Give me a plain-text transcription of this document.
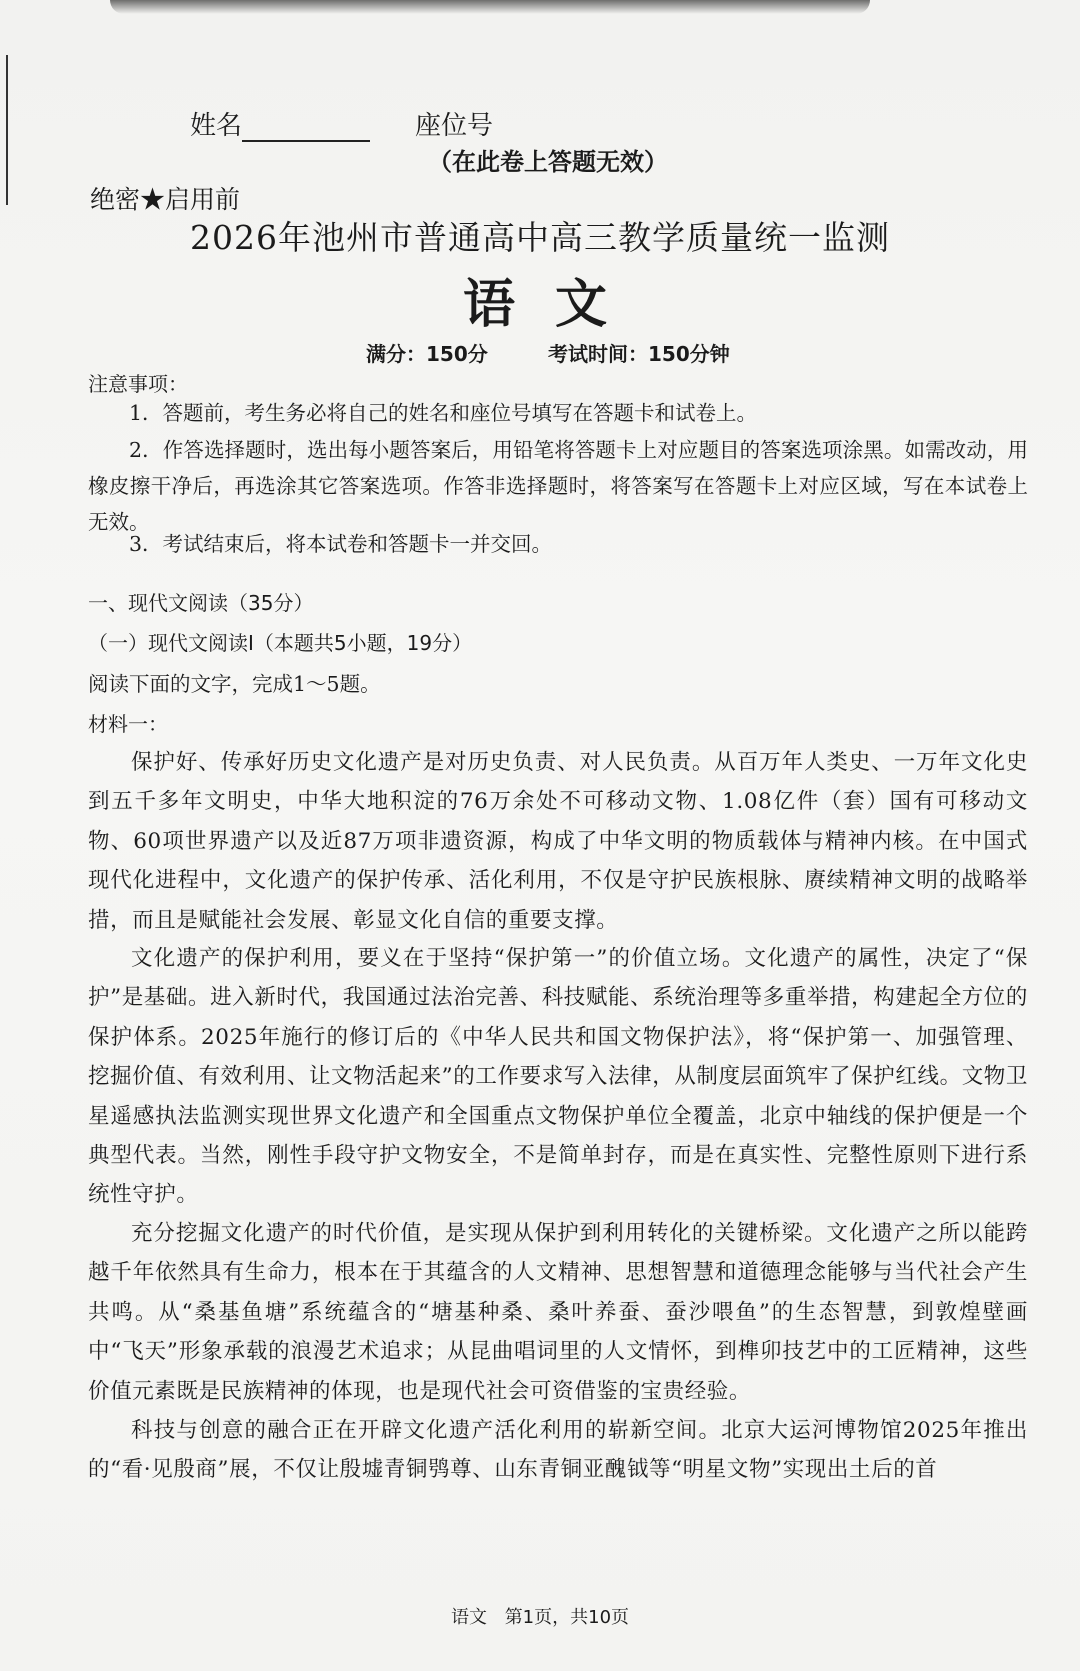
姓名	座位号
（在此卷上答题无效）
绝密★启用前
2026年池州市普通高中高三教学质量统一监测
语文
满分：150分	考试时间：150分钟
注意事项：
1．答题前，考生务必将自己的姓名和座位号填写在答题卡和试卷上。
2．作答选择题时，选出每小题答案后，用铅笔将答题卡上对应题目的答案选项涂黑。如需改动，用橡皮擦干净后，再选涂其它答案选项。作答非选择题时，将答案写在答题卡上对应区域，写在本试卷上无效。
3．考试结束后，将本试卷和答题卡一并交回。
一、现代文阅读（35分）
（一）现代文阅读Ⅰ（本题共5小题，19分）
阅读下面的文字，完成1～5题。
材料一：
保护好、传承好历史文化遗产是对历史负责、对人民负责。从百万年人类史、一万年文化史到五千多年文明史，中华大地积淀的76万余处不可移动文物、1.08亿件（套）国有可移动文物、60项世界遗产以及近87万项非遗资源，构成了中华文明的物质载体与精神内核。在中国式现代化进程中，文化遗产的保护传承、活化利用，不仅是守护民族根脉、赓续精神文明的战略举措，而且是赋能社会发展、彰显文化自信的重要支撑。
文化遗产的保护利用，要义在于坚持“保护第一”的价值立场。文化遗产的属性，决定了“保护”是基础。进入新时代，我国通过法治完善、科技赋能、系统治理等多重举措，构建起全方位的保护体系。2025年施行的修订后的《中华人民共和国文物保护法》，将“保护第一、加强管理、挖掘价值、有效利用、让文物活起来”的工作要求写入法律，从制度层面筑牢了保护红线。文物卫星遥感执法监测实现世界文化遗产和全国重点文物保护单位全覆盖，北京中轴线的保护便是一个典型代表。当然，刚性手段守护文物安全，不是简单封存，而是在真实性、完整性原则下进行系统性守护。
充分挖掘文化遗产的时代价值，是实现从保护到利用转化的关键桥梁。文化遗产之所以能跨越千年依然具有生命力，根本在于其蕴含的人文精神、思想智慧和道德理念能够与当代社会产生共鸣。从“桑基鱼塘”系统蕴含的“塘基种桑、桑叶养蚕、蚕沙喂鱼”的生态智慧，到敦煌壁画中“飞天”形象承载的浪漫艺术追求；从昆曲唱词里的人文情怀，到榫卯技艺中的工匠精神，这些价值元素既是民族精神的体现，也是现代社会可资借鉴的宝贵经验。
科技与创意的融合正在开辟文化遗产活化利用的崭新空间。北京大运河博物馆2025年推出的“看·见殷商”展，不仅让殷墟青铜鸮尊、山东青铜亚醜钺等“明星文物”实现出土后的首
语文 第1页，共10页
